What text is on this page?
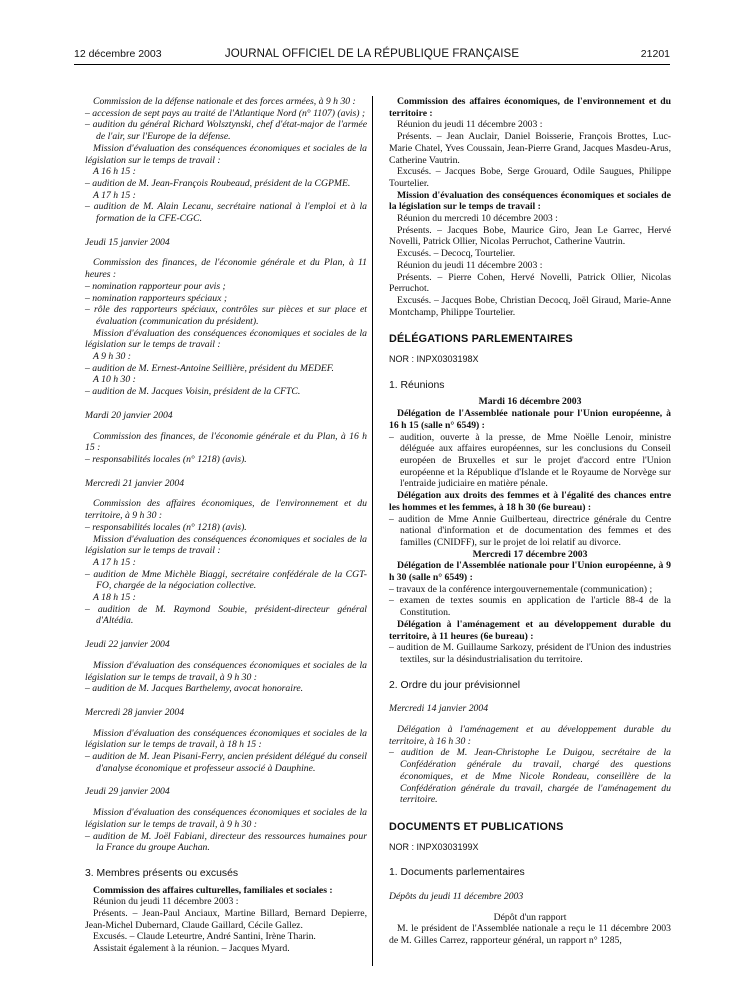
12 décembre 2003	JOURNAL OFFICIEL DE LA RÉPUBLIQUE FRANÇAISE	21201

Commission de la défense nationale et des forces armées, à 9 h 30 :

– accession de sept pays au traité de l'Atlantique Nord (n° 1107) (avis) ;

– audition du général Richard Wolsztynski, chef d'état-major de l'armée de l'air, sur l'Europe de la défense.

Mission d'évaluation des conséquences économiques et sociales de la législation sur le temps de travail :

A 16 h 15 :

– audition de M. Jean-François Roubeaud, président de la CGPME.

A 17 h 15 :

– audition de M. Alain Lecanu, secrétaire national à l'emploi et à la formation de la CFE-CGC.

Jeudi 15 janvier 2004

Commission des finances, de l'économie générale et du Plan, à 11 heures :

– nomination rapporteur pour avis ;

– nomination rapporteurs spéciaux ;

– rôle des rapporteurs spéciaux, contrôles sur pièces et sur place et évaluation (communication du président).

Mission d'évaluation des conséquences économiques et sociales de la législation sur le temps de travail :

A 9 h 30 :

– audition de M. Ernest-Antoine Seillière, président du MEDEF.

A 10 h 30 :

– audition de M. Jacques Voisin, président de la CFTC.

Mardi 20 janvier 2004

Commission des finances, de l'économie générale et du Plan, à 16 h 15 :

– responsabilités locales (n° 1218) (avis).

Mercredi 21 janvier 2004

Commission des affaires économiques, de l'environnement et du territoire, à 9 h 30 :

– responsabilités locales (n° 1218) (avis).

Mission d'évaluation des conséquences économiques et sociales de la législation sur le temps de travail :

A 17 h 15 :

– audition de Mme Michèle Biaggi, secrétaire confédérale de la CGT-FO, chargée de la négociation collective.

A 18 h 15 :

– audition de M. Raymond Soubie, président-directeur général d'Altédia.

Jeudi 22 janvier 2004

Mission d'évaluation des conséquences économiques et sociales de la législation sur le temps de travail, à 9 h 30 :

– audition de M. Jacques Barthelemy, avocat honoraire.

Mercredi 28 janvier 2004

Mission d'évaluation des conséquences économiques et sociales de la législation sur le temps de travail, à 18 h 15 :

– audition de M. Jean Pisani-Ferry, ancien président délégué du conseil d'analyse économique et professeur associé à Dauphine.

Jeudi 29 janvier 2004

Mission d'évaluation des conséquences économiques et sociales de la législation sur le temps de travail, à 9 h 30 :

– audition de M. Joël Fabiani, directeur des ressources humaines pour la France du groupe Auchan.

3. Membres présents ou excusés

Commission des affaires culturelles, familiales et sociales :

Réunion du jeudi 11 décembre 2003 :

Présents. – Jean-Paul Anciaux, Martine Billard, Bernard Depierre, Jean-Michel Dubernard, Claude Gaillard, Cécile Gallez.

Excusés. – Claude Leteurtre, André Santini, Irène Tharin.

Assistait également à la réunion. – Jacques Myard.

Commission des affaires économiques, de l'environnement et du territoire :

Réunion du jeudi 11 décembre 2003 :

Présents. – Jean Auclair, Daniel Boisserie, François Brottes, Luc-Marie Chatel, Yves Coussain, Jean-Pierre Grand, Jacques Masdeu-Arus, Catherine Vautrin.

Excusés. – Jacques Bobe, Serge Grouard, Odile Saugues, Philippe Tourtelier.

Mission d'évaluation des conséquences économiques et sociales de la législation sur le temps de travail :

Réunion du mercredi 10 décembre 2003 :

Présents. – Jacques Bobe, Maurice Giro, Jean Le Garrec, Hervé Novelli, Patrick Ollier, Nicolas Perruchot, Catherine Vautrin.

Excusés. – Decocq, Tourtelier.

Réunion du jeudi 11 décembre 2003 :

Présents. – Pierre Cohen, Hervé Novelli, Patrick Ollier, Nicolas Perruchot.

Excusés. – Jacques Bobe, Christian Decocq, Joël Giraud, Marie-Anne Montchamp, Philippe Tourtelier.

DÉLÉGATIONS PARLEMENTAIRES

NOR : INPX0303198X

1. Réunions

Mardi 16 décembre 2003

Délégation de l'Assemblée nationale pour l'Union européenne, à 16 h 15 (salle n° 6549) :

– audition, ouverte à la presse, de Mme Noëlle Lenoir, ministre déléguée aux affaires européennes, sur les conclusions du Conseil européen de Bruxelles et sur le projet d'accord entre l'Union européenne et la République d'Islande et le Royaume de Norvège sur l'entraide judiciaire en matière pénale.

Délégation aux droits des femmes et à l'égalité des chances entre les hommes et les femmes, à 18 h 30 (6e bureau) :

– audition de Mme Annie Guilberteau, directrice générale du Centre national d'information et de documentation des femmes et des familles (CNIDFF), sur le projet de loi relatif au divorce.

Mercredi 17 décembre 2003

Délégation de l'Assemblée nationale pour l'Union européenne, à 9 h 30 (salle n° 6549) :

– travaux de la conférence intergouvernementale (communication) ;

– examen de textes soumis en application de l'article 88-4 de la Constitution.

Délégation à l'aménagement et au développement durable du territoire, à 11 heures (6e bureau) :

– audition de M. Guillaume Sarkozy, président de l'Union des industries textiles, sur la désindustrialisation du territoire.

2. Ordre du jour prévisionnel

Mercredi 14 janvier 2004

Délégation à l'aménagement et au développement durable du territoire, à 16 h 30 :

– audition de M. Jean-Christophe Le Duigou, secrétaire de la Confédération générale du travail, chargé des questions économiques, et de Mme Nicole Rondeau, conseillère de la Confédération générale du travail, chargée de l'aménagement du territoire.

DOCUMENTS ET PUBLICATIONS

NOR : INPX0303199X

1. Documents parlementaires

Dépôts du jeudi 11 décembre 2003

Dépôt d'un rapport

M. le président de l'Assemblée nationale a reçu le 11 décembre 2003 de M. Gilles Carrez, rapporteur général, un rapport n° 1285,
